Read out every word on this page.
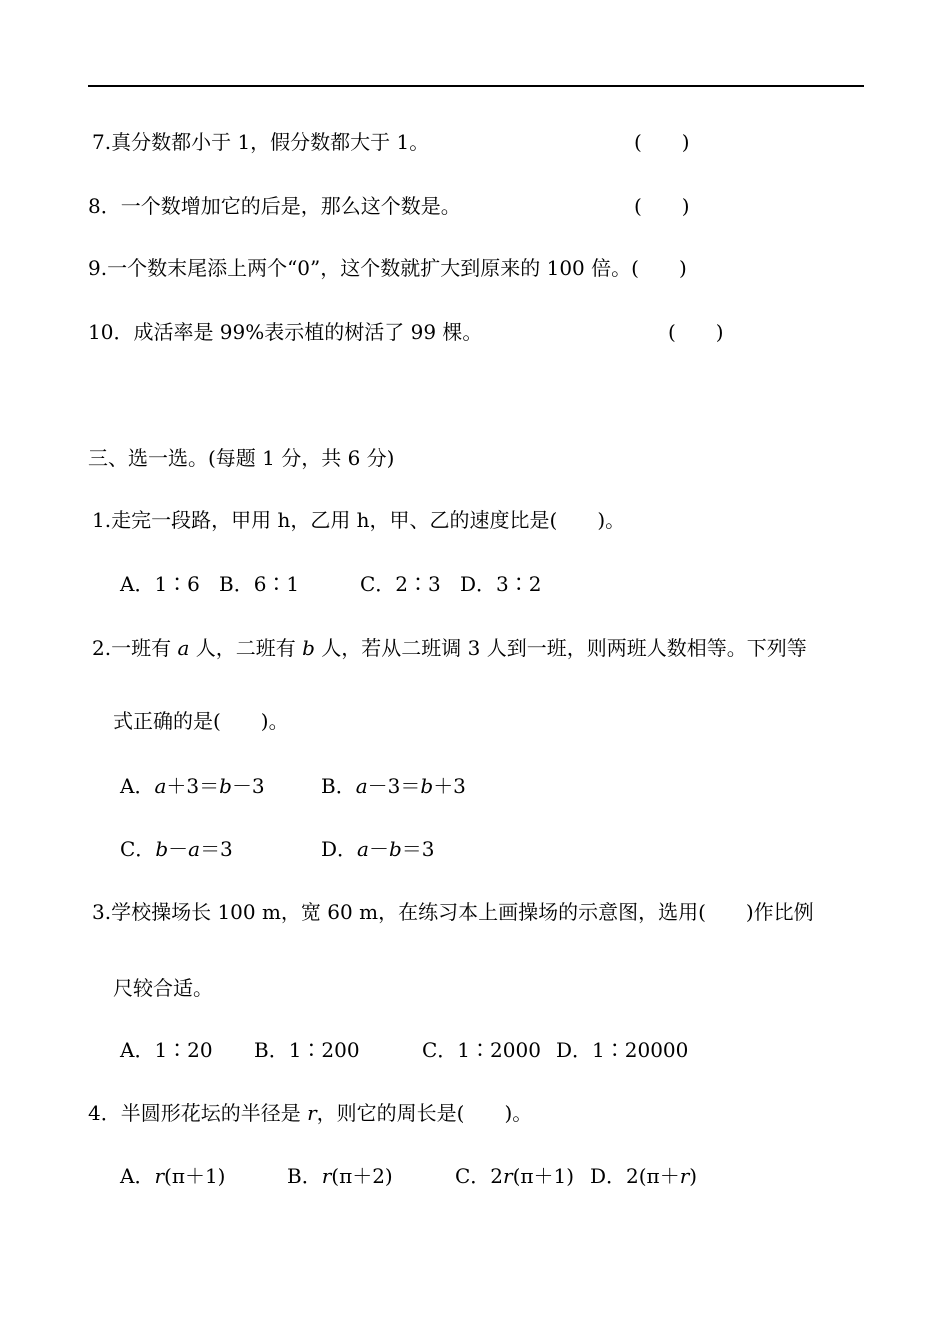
7.真分数都小于 1，假分数都大于 1。	(　　)
8．一个数增加它的后是，那么这个数是。	(　　)
9.一个数末尾添上两个“0”，这个数就扩大到原来的 100 倍。(　　)
10．成活率是 99%表示植的树活了 99 棵。	(　　)
三、选一选。(每题 1 分，共 6 分)
1.走完一段路，甲用 h，乙用 h，甲、乙的速度比是(　　)。
A．1∶6 B．6∶1	C．2∶3 D．3∶2
2.一班有 a 人，二班有 b 人，若从二班调 3 人到一班，则两班人数相等。下列等
式正确的是(　　)。
A．a＋3＝b－3	B．a－3＝b＋3
C．b－a＝3	D．a－b＝3
3.学校操场长 100 m，宽 60 m，在练习本上画操场的示意图，选用(　　)作比例
尺较合适。
A．1∶20 B．1∶200	C．1∶2000 D．1∶20000
4．半圆形花坛的半径是 r，则它的周长是(　　)。
A．r(π＋1)	B．r(π＋2)	C．2r(π＋1) D．2(π＋r)
